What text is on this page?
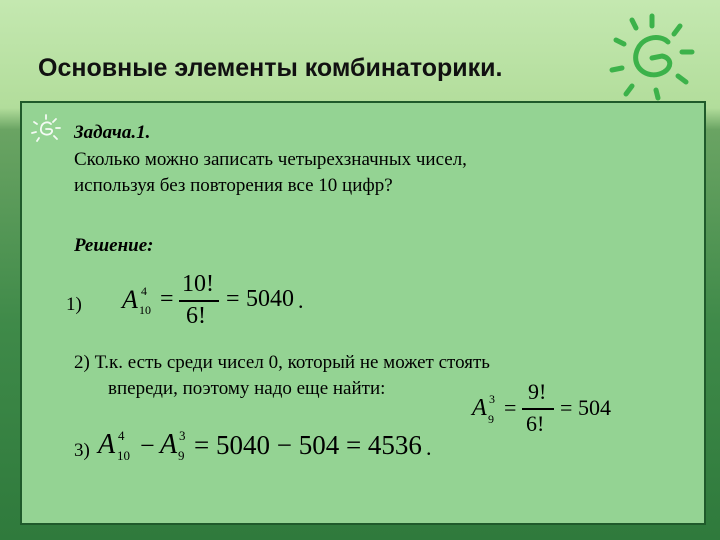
Основные элементы комбинаторики.
Задача.1.
Сколько можно записать четырехзначных чисел,
используя без повторения все 10 цифр?
Решение:
1) A 4
10 =
10!
6!
= 5040 .
2) Т.к. есть среди чисел 0, который не может стоять
впереди, поэтому надо еще найти:
A 3
9 =
9!
6!
= 504
3) A 4
10 − A 3
9 = 5040 − 504 = 4536 .
